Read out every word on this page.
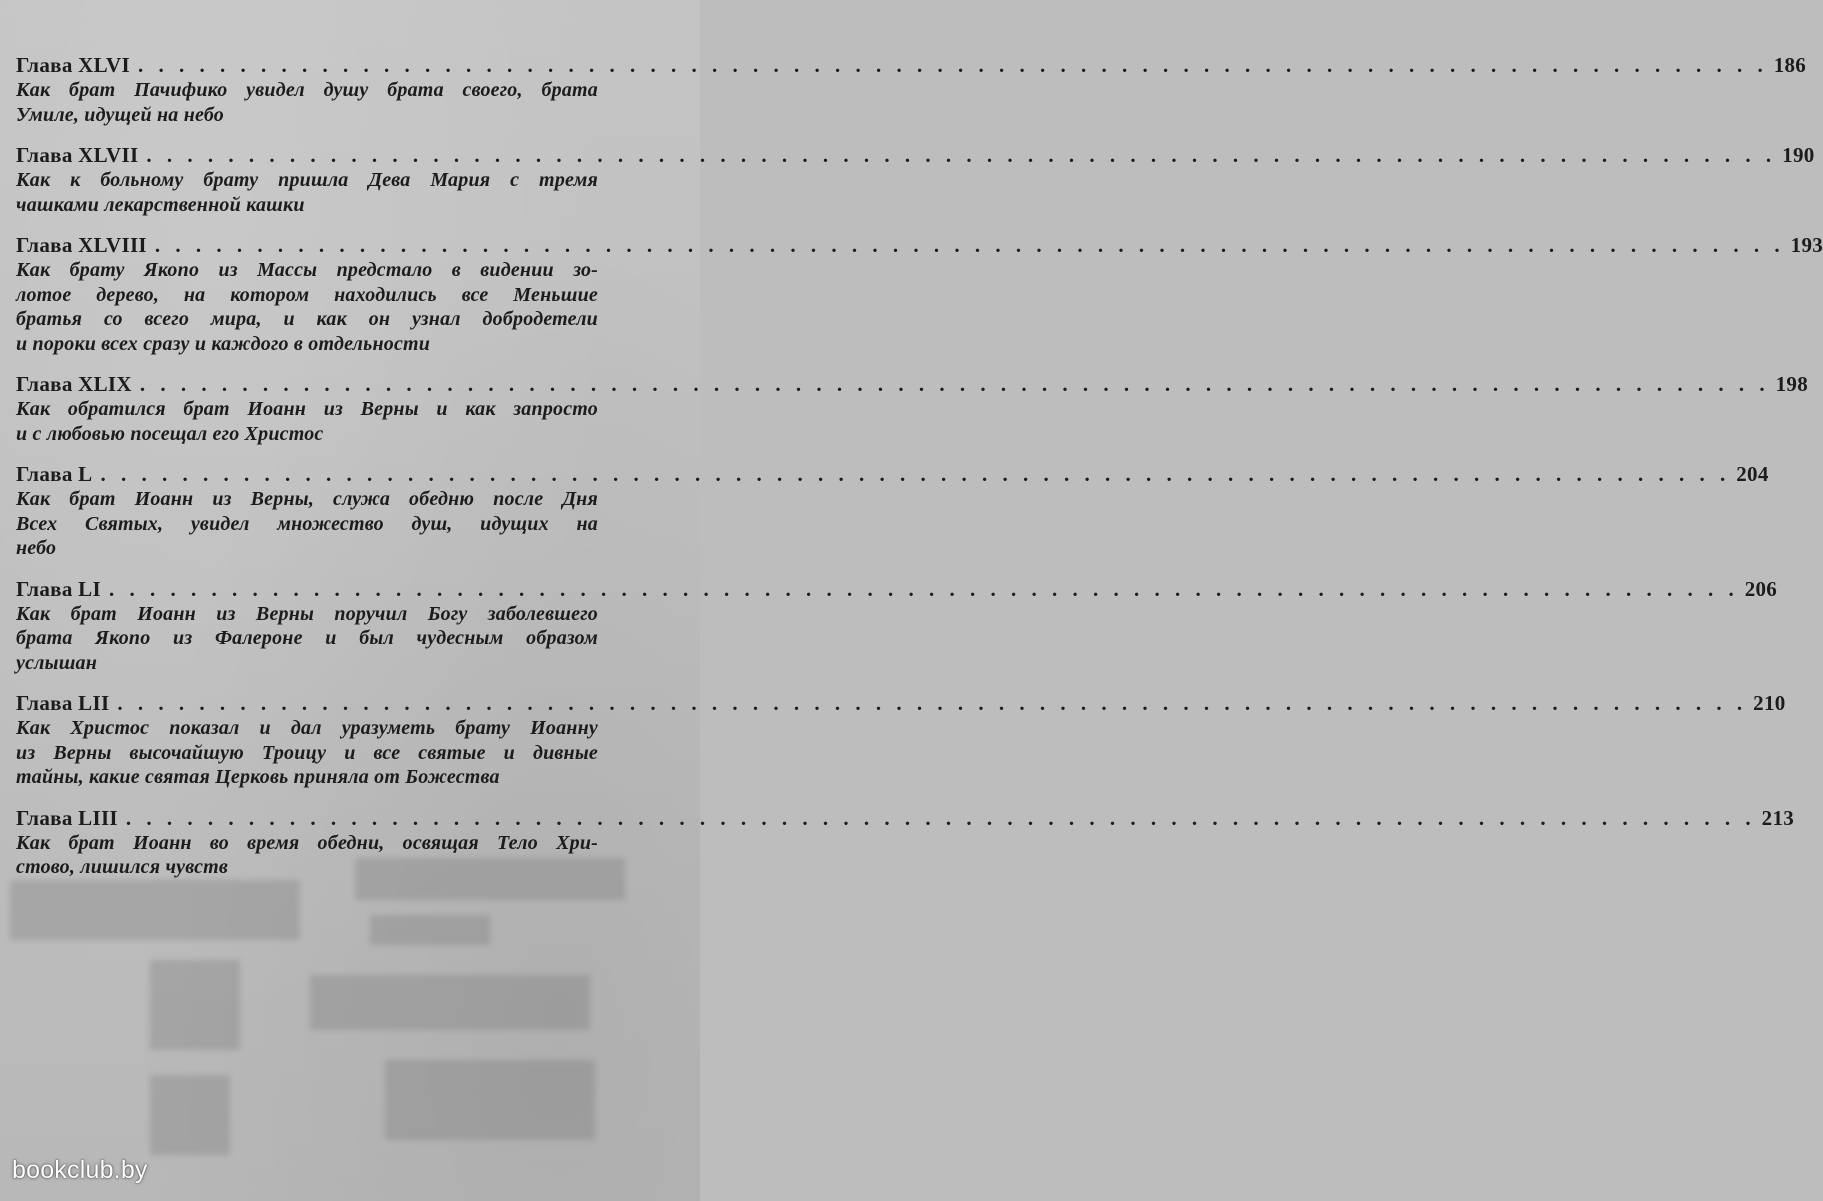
Глава XLVI . . . . . . . . . . . . . . . . . . . . . . . . . . . . . . . . . . . . . . . . . . . . . . . . . . . . . . . . . . . . . . . . . . . . . . . . . . . . . . . . 186
Как брат Пачифико увидел душу брата своего, брата
Умиле, идущей на небо
Глава XLVII . . . . . . . . . . . . . . . . . . . . . . . . . . . . . . . . . . . . . . . . . . . . . . . . . . . . . . . . . . . . . . . . . . . . . . . . . . . . . . . . 190
Как к больному брату пришла Дева Мария с тремя
чашками лекарственной кашки
Глава XLVIII . . . . . . . . . . . . . . . . . . . . . . . . . . . . . . . . . . . . . . . . . . . . . . . . . . . . . . . . . . . . . . . . . . . . . . . . . . . . . . . . 193
Как брату Якопо из Массы предстало в видении зо-
лотое дерево, на котором находились все Меньшие
братья со всего мира, и как он узнал добродетели
и пороки всех сразу и каждого в отдельности
Глава XLIX . . . . . . . . . . . . . . . . . . . . . . . . . . . . . . . . . . . . . . . . . . . . . . . . . . . . . . . . . . . . . . . . . . . . . . . . . . . . . . . . 198
Как обратился брат Иоанн из Верны и как запросто
и с любовью посещал его Христос
Глава L . . . . . . . . . . . . . . . . . . . . . . . . . . . . . . . . . . . . . . . . . . . . . . . . . . . . . . . . . . . . . . . . . . . . . . . . . . . . . . . . 204
Как брат Иоанн из Верны, служа обедню после Дня
Всех Святых, увидел множество душ, идущих на
небо
Глава LI . . . . . . . . . . . . . . . . . . . . . . . . . . . . . . . . . . . . . . . . . . . . . . . . . . . . . . . . . . . . . . . . . . . . . . . . . . . . . . . . 206
Как брат Иоанн из Верны поручил Богу заболевшего
брата Якопо из Фалероне и был чудесным образом
услышан
Глава LII . . . . . . . . . . . . . . . . . . . . . . . . . . . . . . . . . . . . . . . . . . . . . . . . . . . . . . . . . . . . . . . . . . . . . . . . . . . . . . . . 210
Как Христос показал и дал уразуметь брату Иоанну
из Верны высочайшую Троицу и все святые и дивные
тайны, какие святая Церковь приняла от Божества
Глава LIII . . . . . . . . . . . . . . . . . . . . . . . . . . . . . . . . . . . . . . . . . . . . . . . . . . . . . . . . . . . . . . . . . . . . . . . . . . . . . . . . 213
Как брат Иоанн во время обедни, освящая Тело Хри-
стово, лишился чувств
bookclub.by
